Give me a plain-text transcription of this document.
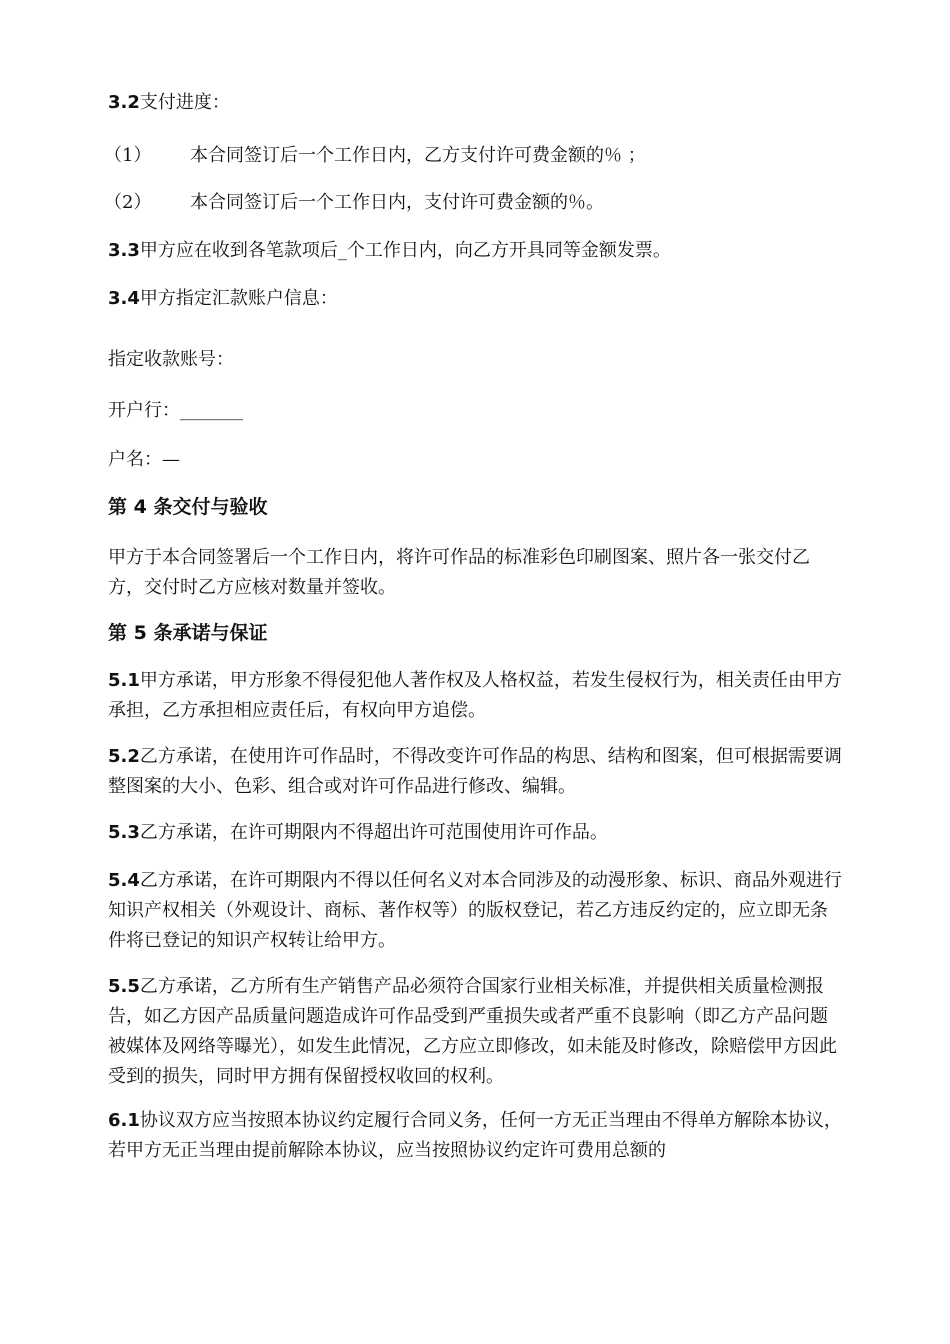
3.2支付进度：
（1） 本合同签订后一个工作日内，乙方支付许可费金额的％ ；
（2） 本合同签订后一个工作日内，支付许可费金额的％。
3.3甲方应在收到各笔款项后_个工作日内，向乙方开具同等金额发票。
3.4甲方指定汇款账户信息：
指定收款账号：
开户行：_______
户名：—
第 4 条交付与验收
甲方于本合同签署后一个工作日内，将许可作品的标准彩色印刷图案、照片各一张交付乙方，交付时乙方应核对数量并签收。
第 5 条承诺与保证
5.1甲方承诺，甲方形象不得侵犯他人著作权及人格权益，若发生侵权行为，相关责任由甲方承担，乙方承担相应责任后，有权向甲方追偿。
5.2乙方承诺，在使用许可作品时，不得改变许可作品的构思、结构和图案，但可根据需要调整图案的大小、色彩、组合或对许可作品进行修改、编辑。
5.3乙方承诺，在许可期限内不得超出许可范围使用许可作品。
5.4乙方承诺，在许可期限内不得以任何名义对本合同涉及的动漫形象、标识、商品外观进行知识产权相关（外观设计、商标、著作权等）的版权登记，若乙方违反约定的，应立即无条件将已登记的知识产权转让给甲方。
5.5乙方承诺，乙方所有生产销售产品必须符合国家行业相关标准，并提供相关质量检测报告，如乙方因产品质量问题造成许可作品受到严重损失或者严重不良影响（即乙方产品问题被媒体及网络等曝光），如发生此情况，乙方应立即修改，如未能及时修改，除赔偿甲方因此受到的损失，同时甲方拥有保留授权收回的权利。
6.1协议双方应当按照本协议约定履行合同义务，任何一方无正当理由不得单方解除本协议，若甲方无正当理由提前解除本协议，应当按照协议约定许可费用总额的
